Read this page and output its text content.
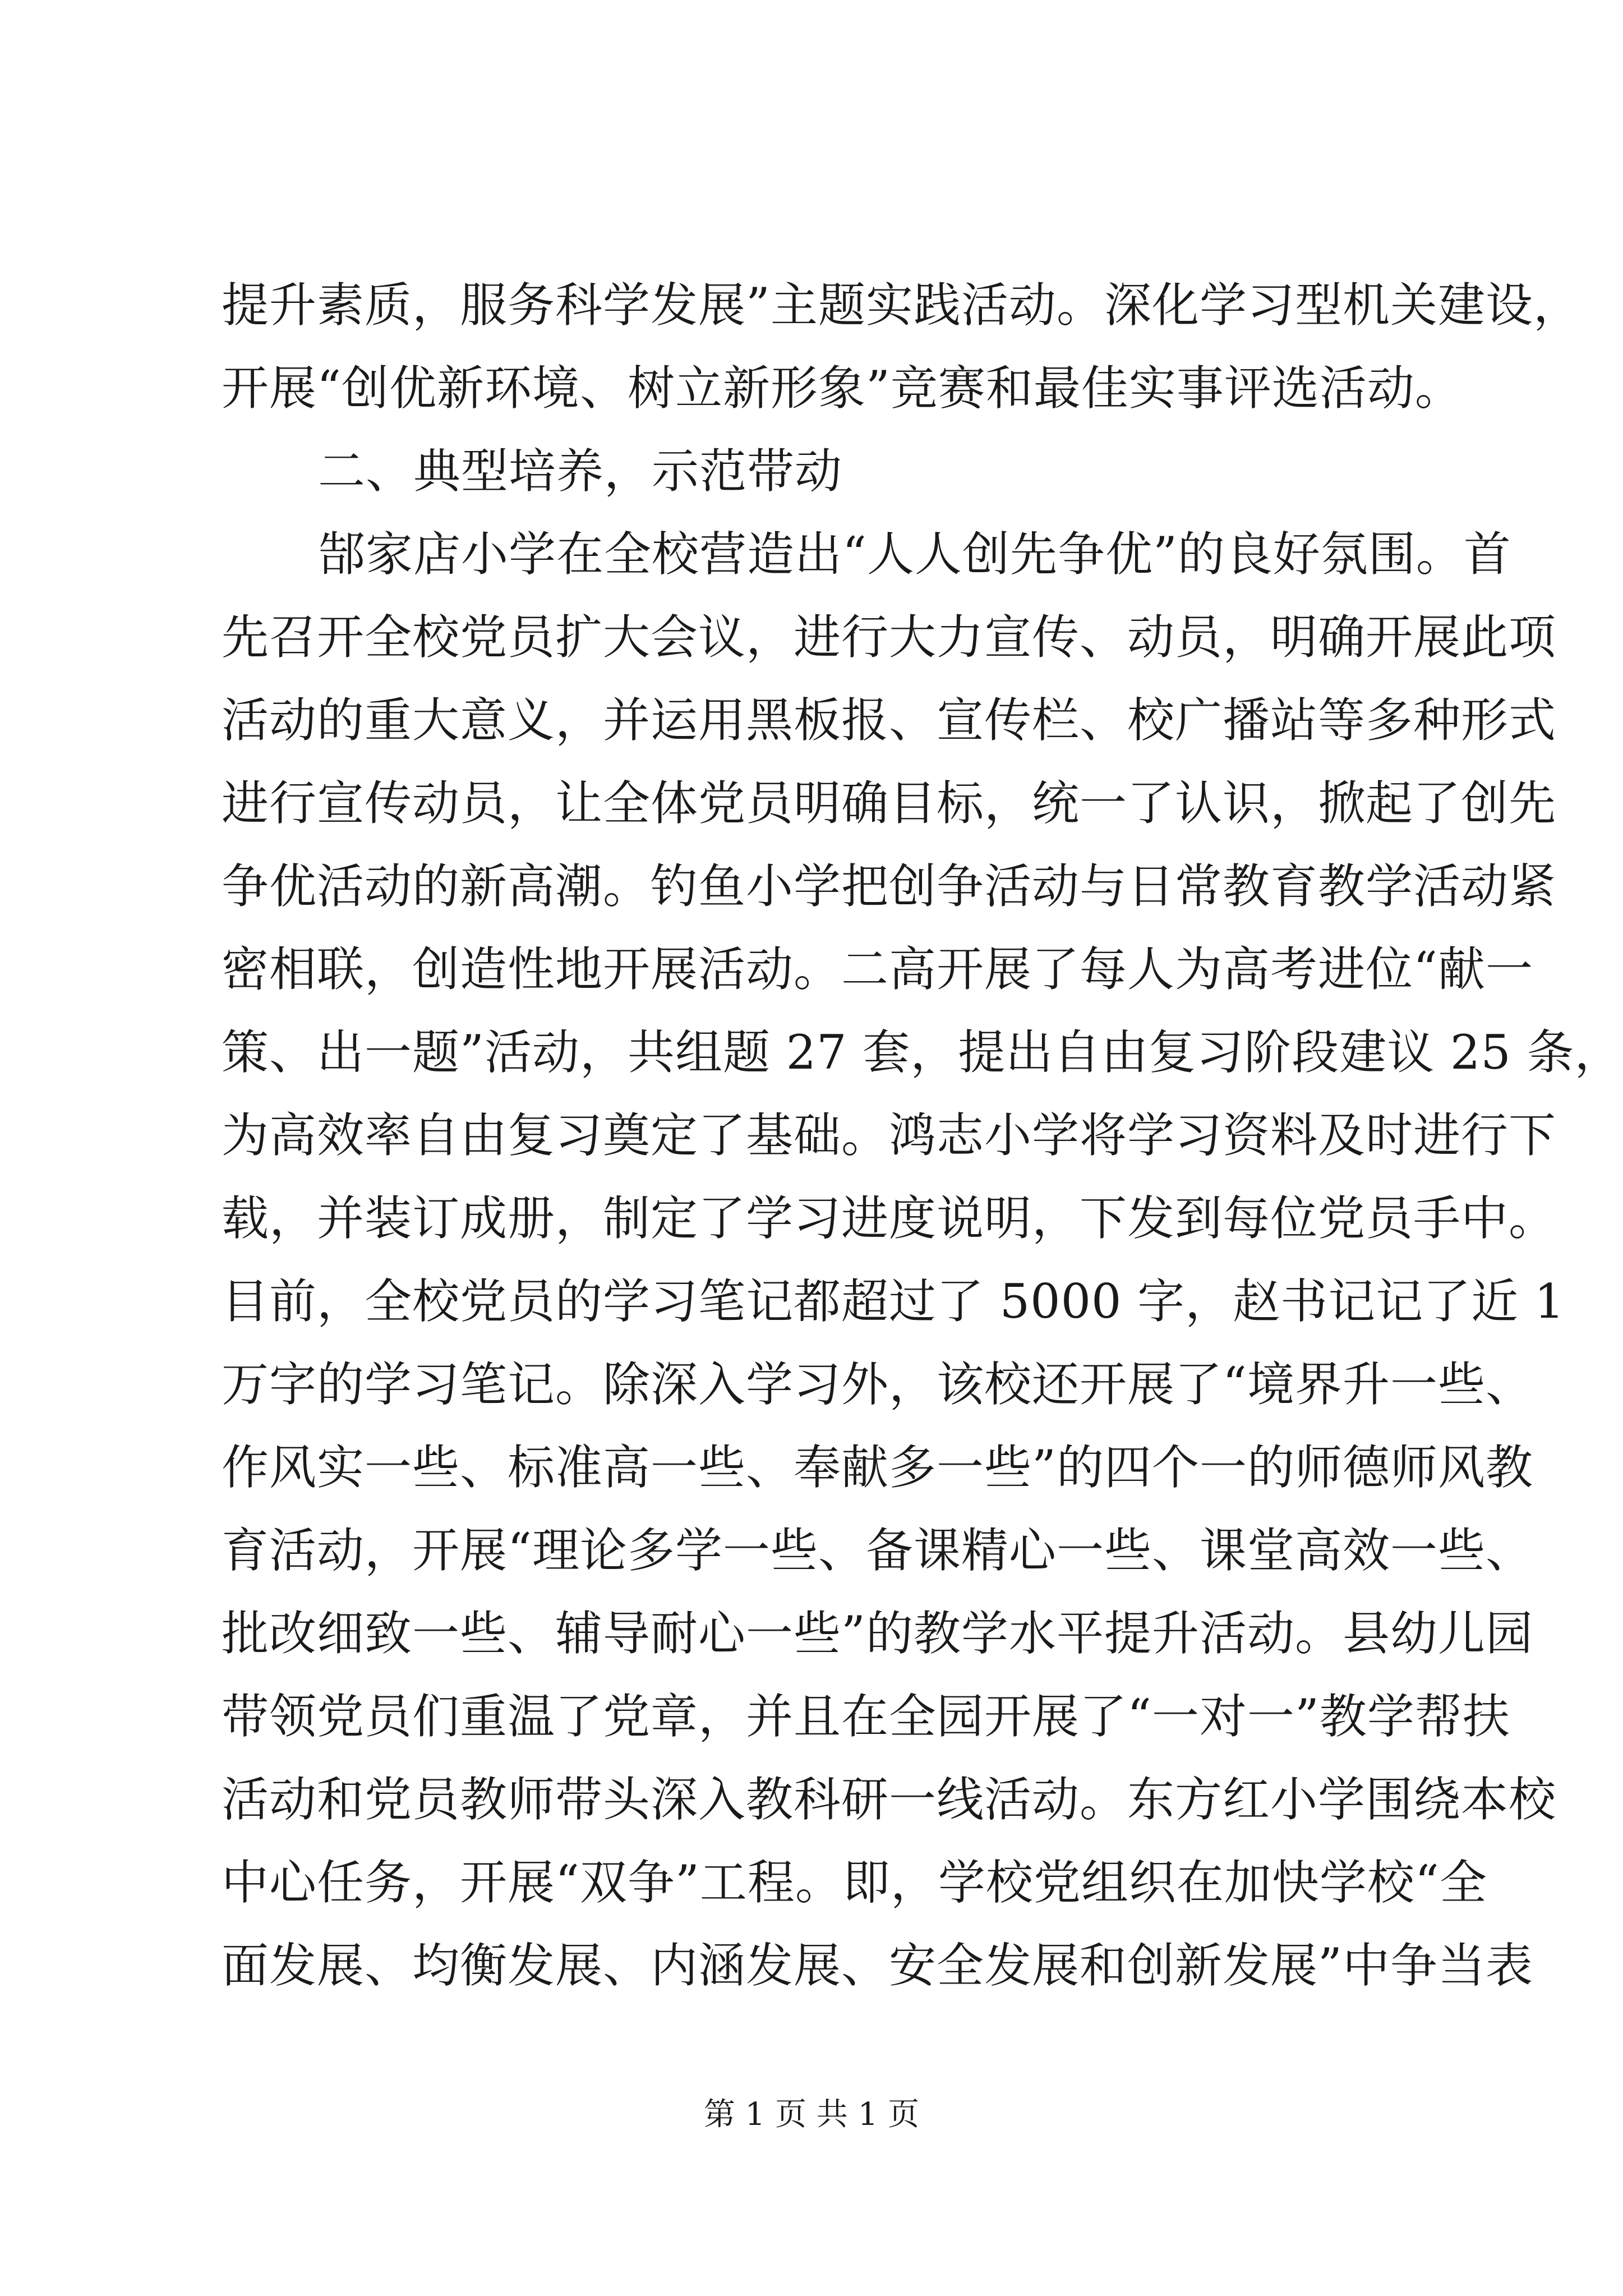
提升素质，服务科学发展”主题实践活动。深化学习型机关建设，
开展“创优新环境、树立新形象”竞赛和最佳实事评选活动。
二、典型培养，示范带动
郜家店小学在全校营造出“人人创先争优”的良好氛围。首
先召开全校党员扩大会议，进行大力宣传、动员，明确开展此项
活动的重大意义，并运用黑板报、宣传栏、校广播站等多种形式
进行宣传动员，让全体党员明确目标，统一了认识，掀起了创先
争优活动的新高潮。钓鱼小学把创争活动与日常教育教学活动紧
密相联，创造性地开展活动。二高开展了每人为高考进位“献一
策、出一题”活动，共组题 27 套，提出自由复习阶段建议 25 条，
为高效率自由复习奠定了基础。鸿志小学将学习资料及时进行下
载，并装订成册，制定了学习进度说明，下发到每位党员手中。
目前，全校党员的学习笔记都超过了 5000 字，赵书记记了近 1
万字的学习笔记。除深入学习外，该校还开展了“境界升一些、
作风实一些、标准高一些、奉献多一些”的四个一的师德师风教
育活动，开展“理论多学一些、备课精心一些、课堂高效一些、
批改细致一些、辅导耐心一些”的教学水平提升活动。县幼儿园
带领党员们重温了党章，并且在全园开展了“一对一”教学帮扶
活动和党员教师带头深入教科研一线活动。东方红小学围绕本校
中心任务，开展“双争”工程。即，学校党组织在加快学校“全
面发展、均衡发展、内涵发展、安全发展和创新发展”中争当表
第 1 页 共 1 页
